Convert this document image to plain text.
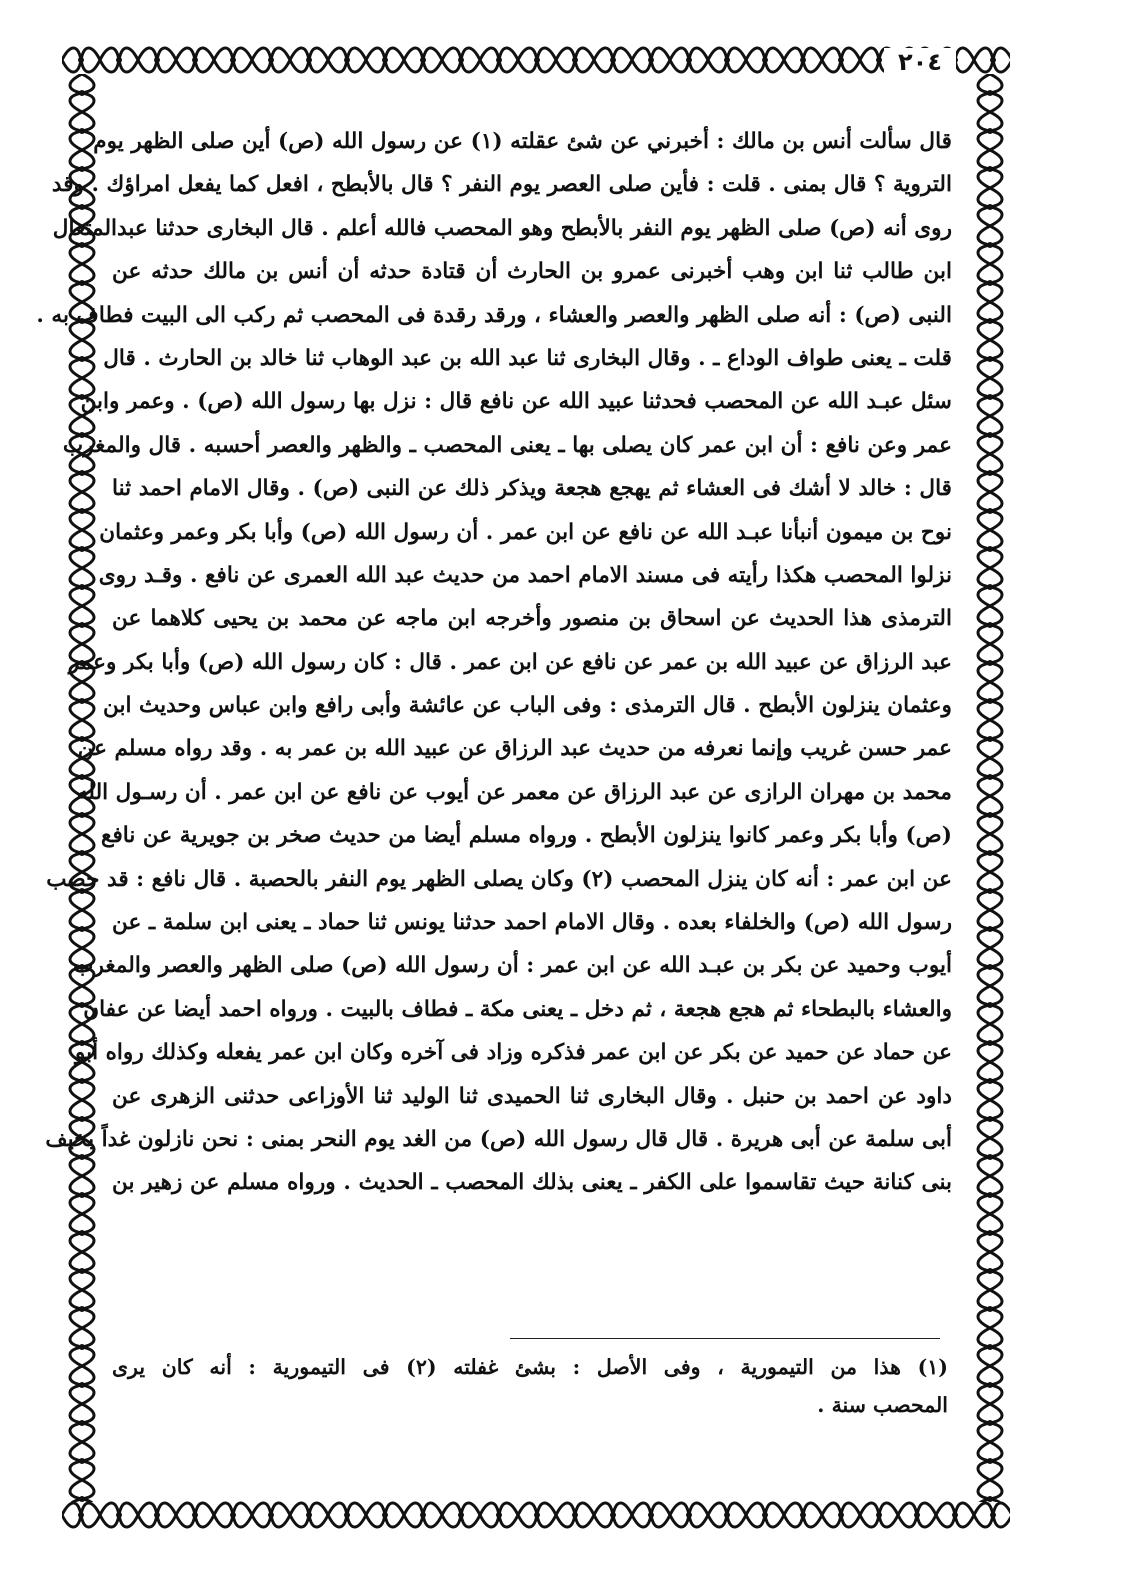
٢٠٤
قال سألت أنس بن مالك : أخبرني عن شئ عقلته (١) عن رسول الله (ص) أين صلى الظهر يوم
التروية ؟ قال بمنى . قلت : فأين صلى العصر يوم النفر ؟ قال بالأبطح ، افعل كما يفعل امراؤك . وقد
روى أنه (ص) صلى الظهر يوم النفر بالأبطح وهو المحصب فالله أعلم . قال البخارى حدثنا عبدالمتعال
ابن طالب ثنا ابن وهب أخبرنى عمرو بن الحارث أن قتادة حدثه أن أنس بن مالك حدثه عن
النبى (ص) : أنه صلى الظهر والعصر والعشاء ، ورقد رقدة فى المحصب ثم ركب الى البيت فطاف به .
قلت ـ يعنى طواف الوداع ـ . وقال البخارى ثنا عبد الله بن عبد الوهاب ثنا خالد بن الحارث . قال
سئل عبـد الله عن المحصب فحدثنا عبيد الله عن نافع قال : نزل بها رسول الله (ص) . وعمر وابن
عمر وعن نافع : أن ابن عمر كان يصلى بها ـ يعنى المحصب ـ والظهر والعصر أحسبه . قال والمغرب
قال : خالد لا أشك فى العشاء ثم يهجع هجعة ويذكر ذلك عن النبى (ص) . وقال الامام احمد ثنا
نوح بن ميمون أنبأنا عبـد الله عن نافع عن ابن عمر . أن رسول الله (ص) وأبا بكر وعمر وعثمان
نزلوا المحصب هكذا رأيته فى مسند الامام احمد من حديث عبد الله العمرى عن نافع . وقـد روى
الترمذى هذا الحديث عن اسحاق بن منصور وأخرجه ابن ماجه عن محمد بن يحيى كلاهما عن
عبد الرزاق عن عبيد الله بن عمر عن نافع عن ابن عمر . قال : كان رسول الله (ص) وأبا بكر وعمر
وعثمان ينزلون الأبطح . قال الترمذى : وفى الباب عن عائشة وأبى رافع وابن عباس وحديث ابن
عمر حسن غريب وإنما نعرفه من حديث عبد الرزاق عن عبيد الله بن عمر به . وقد رواه مسلم عن
محمد بن مهران الرازى عن عبد الرزاق عن معمر عن أيوب عن نافع عن ابن عمر . أن رسـول الله
(ص) وأبا بكر وعمر كانوا ينزلون الأبطح . ورواه مسلم أيضا من حديث صخر بن جويرية عن نافع
عن ابن عمر : أنه كان ينزل المحصب (٢) وكان يصلى الظهر يوم النفر بالحصبة . قال نافع : قد حصب
رسول الله (ص) والخلفاء بعده . وقال الامام احمد حدثنا يونس ثنا حماد ـ يعنى ابن سلمة ـ عن
أيوب وحميد عن بكر بن عبـد الله عن ابن عمر : أن رسول الله (ص) صلى الظهر والعصر والمغرب
والعشاء بالبطحاء ثم هجع هجعة ، ثم دخل ـ يعنى مكة ـ فطاف بالبيت . ورواه احمد أيضا عن عفان
عن حماد عن حميد عن بكر عن ابن عمر فذكره وزاد فى آخره وكان ابن عمر يفعله وكذلك رواه أبو
داود عن احمد بن حنبل . وقال البخارى ثنا الحميدى ثنا الوليد ثنا الأوزاعى حدثنى الزهرى عن
أبى سلمة عن أبى هريرة . قال قال رسول الله (ص) من الغد يوم النحر بمنى : نحن نازلون غداً بخيف
بنى كنانة حيث تقاسموا على الكفر ـ يعنى بذلك المحصب ـ الحديث . ورواه مسلم عن زهير بن
(١) هذا من التيمورية ، وفى الأصل : بشئ غفلته (٢) فى التيمورية : أنه كان يرى
المحصب سنة .
